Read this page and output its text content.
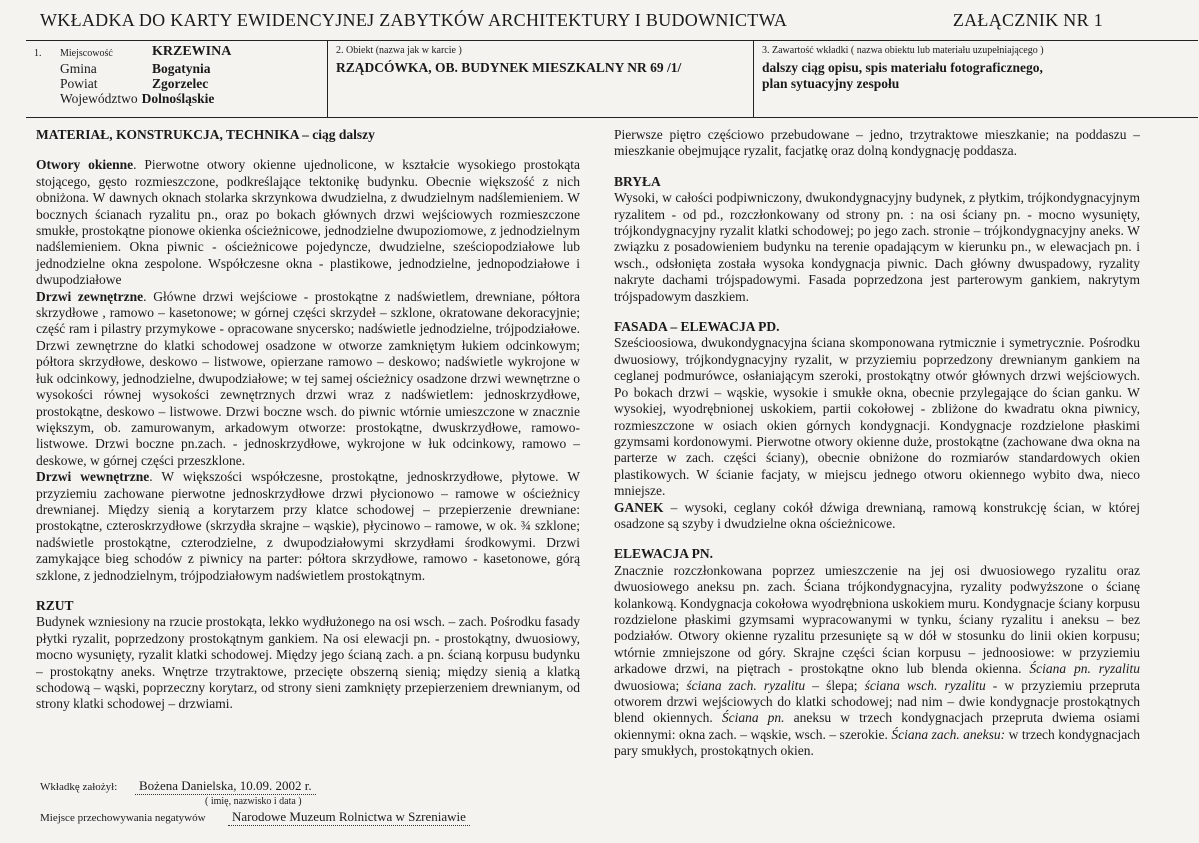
WKŁADKA DO KARTY EWIDENCYJNEJ ZABYTKÓW ARCHITEKTURY I BUDOWNICTWA	ZAŁĄCZNIK NR 1
1.	Miejscowość	KRZEWINA
Gmina	Bogatynia
Powiat	Zgorzelec
Województwo Dolnośląskie
2. Obiekt (nazwa jak w karcie )
RZĄDCÓWKA, OB. BUDYNEK MIESZKALNY NR 69 /1/
3. Zawartość wkładki ( nazwa obiektu lub materiału uzupełniającego )
dalszy ciąg opisu, spis materiału fotograficznego,
plan sytuacyjny zespołu

MATERIAŁ, KONSTRUKCJA, TECHNIKA – ciąg dalszy

Otwory okienne. Pierwotne otwory okienne ujednolicone, w kształcie wysokiego prostokąta stojącego, gęsto rozmieszczone, podkreślające tektonikę budynku. Obecnie większość z nich obniżona. W dawnych oknach stolarka skrzynkowa dwudzielna, z dwudzielnym nadślemieniem. W bocznych ścianach ryzalitu pn., oraz po bokach głównych drzwi wejściowych rozmieszczone smukłe, prostokątne pionowe okienka ościeżnicowe, jednodzielne dwupoziomowe, z jednodzielnym nadślemieniem. Okna piwnic - ościeżnicowe pojedyncze, dwudzielne, sześciopodziałowe lub jednodzielne okna zespolone. Współczesne okna - plastikowe, jednodzielne, jednopodziałowe i dwupodziałowe

Drzwi zewnętrzne. Główne drzwi wejściowe - prostokątne z nadświetlem, drewniane, półtora skrzydłowe , ramowo – kasetonowe; w górnej części skrzydeł – szklone, okratowane dekoracyjnie; część ram i pilastry przymykowe - opracowane snycersko; nadświetle jednodzielne, trójpodziałowe. Drzwi zewnętrzne do klatki schodowej osadzone w otworze zamkniętym łukiem odcinkowym; półtora skrzydłowe, deskowo – listwowe, opierzane ramowo – deskowo; nadświetle wykrojone w łuk odcinkowy, jednodzielne, dwupodziałowe; w tej samej ościeżnicy osadzone drzwi wewnętrzne o wysokości równej wysokości zewnętrznych drzwi wraz z nadświetlem: jednoskrzydłowe, prostokątne, deskowo – listwowe. Drzwi boczne wsch. do piwnic wtórnie umieszczone w znacznie większym, ob. zamurowanym, arkadowym otworze: prostokątne, dwuskrzydłowe, ramowo- listwowe. Drzwi boczne pn.zach. - jednoskrzydłowe, wykrojone w łuk odcinkowy, ramowo – deskowe, w górnej części przeszklone.

Drzwi wewnętrzne. W większości współczesne, prostokątne, jednoskrzydłowe, płytowe. W przyziemiu zachowane pierwotne jednoskrzydłowe drzwi płycionowo – ramowe w ościeżnicy drewnianej. Między sienią a korytarzem przy klatce schodowej – przepierzenie drewniane: prostokątne, czteroskrzydłowe (skrzydła skrajne – wąskie), płycinowo – ramowe, w ok. ¾ szklone; nadświetle prostokątne, czterodzielne, z dwupodziałowymi skrzydłami środkowymi. Drzwi zamykające bieg schodów z piwnicy na parter: półtora skrzydłowe, ramowo - kasetonowe, górą szklone, z jednodzielnym, trójpodziałowym nadświetlem prostokątnym.

RZUT

Budynek wzniesiony na rzucie prostokąta, lekko wydłużonego na osi wsch. – zach. Pośrodku fasady płytki ryzalit, poprzedzony prostokątnym gankiem. Na osi elewacji pn. - prostokątny, dwuosiowy, mocno wysunięty, ryzalit klatki schodowej. Między jego ścianą zach. a pn. ścianą korpusu budynku – prostokątny aneks. Wnętrze trzytraktowe, przecięte obszerną sienią; między sienią a klatką schodową – wąski, poprzeczny korytarz, od strony sieni zamknięty przepierzeniem drewnianym, od strony klatki schodowej – drzwiami.

Pierwsze piętro częściowo przebudowane – jedno, trzytraktowe mieszkanie; na poddaszu – mieszkanie obejmujące ryzalit, facjatkę oraz dolną kondygnację poddasza.

BRYŁA

Wysoki, w całości podpiwniczony, dwukondygnacyjny budynek, z płytkim, trójkondygnacyjnym ryzalitem - od pd., rozczłonkowany od strony pn. : na osi ściany pn. - mocno wysunięty, trójkondygnacyjny ryzalit klatki schodowej; po jego zach. stronie – trójkondygnacyjny aneks. W związku z posadowieniem budynku na terenie opadającym w kierunku pn., w elewacjach pn. i wsch., odsłonięta została wysoka kondygnacja piwnic. Dach główny dwuspadowy, ryzality nakryte dachami trójspadowymi. Fasada poprzedzona jest parterowym gankiem, nakrytym trójspadowym daszkiem.

FASADA – ELEWACJA PD.

Sześcioosiowa, dwukondygnacyjna ściana skomponowana rytmicznie i symetrycznie. Pośrodku dwuosiowy, trójkondygnacyjny ryzalit, w przyziemiu poprzedzony drewnianym gankiem na ceglanej podmurówce, osłaniającym szeroki, prostokątny otwór głównych drzwi wejściowych. Po bokach drzwi – wąskie, wysokie i smukłe okna, obecnie przylegające do ścian ganku. W wysokiej, wyodrębnionej uskokiem, partii cokołowej - zbliżone do kwadratu okna piwnicy, rozmieszczone w osiach okien górnych kondygnacji. Kondygnacje rozdzielone płaskimi gzymsami kordonowymi. Pierwotne otwory okienne duże, prostokątne (zachowane dwa okna na parterze w zach. części ściany), obecnie obniżone do rozmiarów standardowych okien plastikowych. W ścianie facjaty, w miejscu jednego otworu okiennego wybito dwa, nieco mniejsze.

GANEK – wysoki, ceglany cokół dźwiga drewnianą, ramową konstrukcję ścian, w której osadzone są szyby i dwudzielne okna ościeżnicowe.

ELEWACJA PN.

Znacznie rozczłonkowana poprzez umieszczenie na jej osi dwuosiowego ryzalitu oraz dwuosiowego aneksu pn. zach. Ściana trójkondygnacyjna, ryzality podwyższone o ścianę kolankową. Kondygnacja cokołowa wyodrębniona uskokiem muru. Kondygnacje ściany korpusu rozdzielone płaskimi gzymsami wypracowanymi w tynku, ściany ryzalitu i aneksu – bez podziałów. Otwory okienne ryzalitu przesunięte są w dół w stosunku do linii okien korpusu; wtórnie zmniejszone od góry. Skrajne części ścian korpusu – jednoosiowe: w przyziemiu arkadowe drzwi, na piętrach - prostokątne okno lub blenda okienna. Ściana pn. ryzalitu dwuosiowa; ściana zach. ryzalitu – ślepa; ściana wsch. ryzalitu - w przyziemiu przepruta otworem drzwi wejściowych do klatki schodowej; nad nim – dwie kondygnacje prostokątnych blend okiennych. Ściana pn. aneksu w trzech kondygnacjach przepruta dwiema osiami okiennymi: okna zach. – wąskie, wsch. – szerokie. Ściana zach. aneksu: w trzech kondygnacjach pary smukłych, prostokątnych okien.

Wkładkę założył:	Bożena Danielska, 10.09. 2002 r.
( imię, nazwisko i data )
Miejsce przechowywania negatywów	Narodowe Muzeum Rolnictwa w Szreniawie
